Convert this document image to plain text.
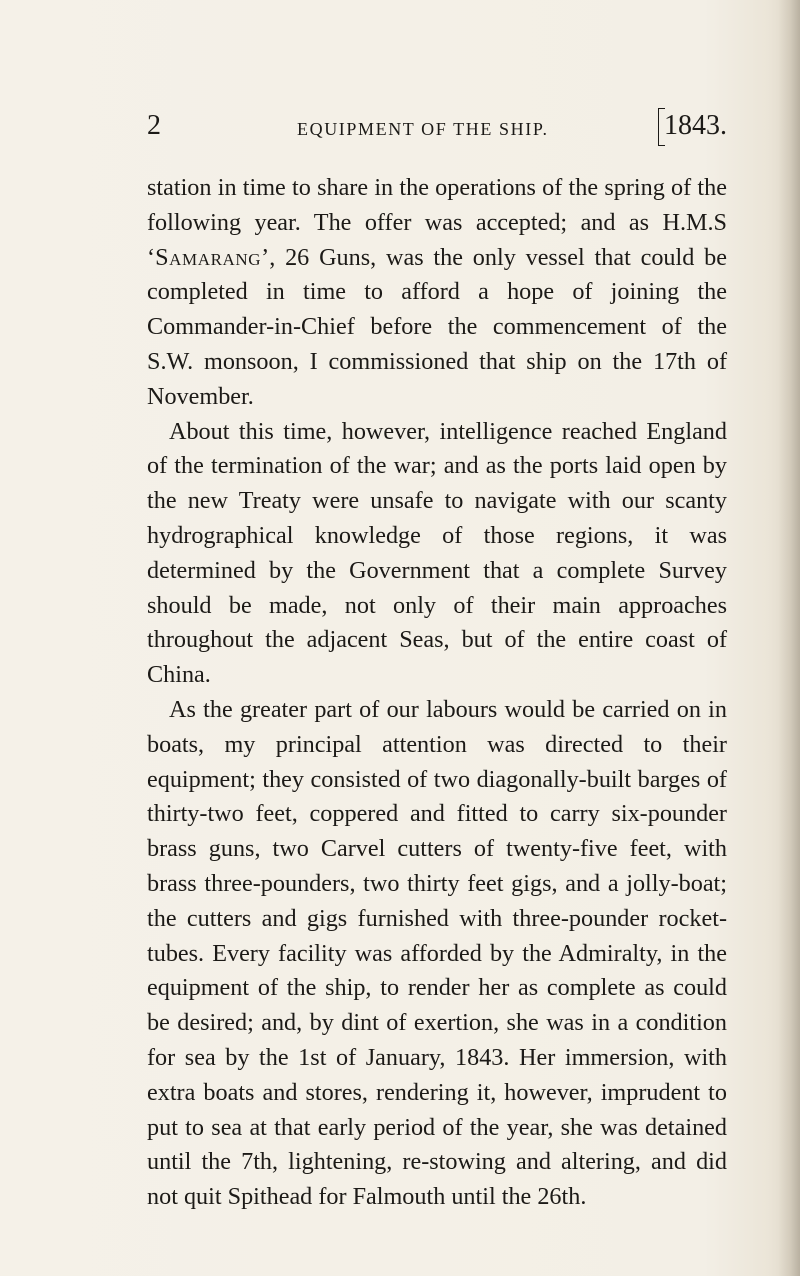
2	EQUIPMENT OF THE SHIP.	1843.

station in time to share in the operations of the spring of the following year. The offer was accepted; and as H.M.S ‘Samarang’, 26 Guns, was the only vessel that could be completed in time to afford a hope of joining the Commander-in-Chief before the commencement of the S.W. monsoon, I commissioned that ship on the 17th of November.

About this time, however, intelligence reached England of the termination of the war; and as the ports laid open by the new Treaty were unsafe to navigate with our scanty hydrographical knowledge of those regions, it was determined by the Government that a complete Survey should be made, not only of their main approaches throughout the adjacent Seas, but of the entire coast of China.

As the greater part of our labours would be carried on in boats, my principal attention was directed to their equipment; they consisted of two diagonally-built barges of thirty-two feet, coppered and fitted to carry six-pounder brass guns, two Carvel cutters of twenty-five feet, with brass three-pounders, two thirty feet gigs, and a jolly-boat; the cutters and gigs furnished with three-pounder rocket-tubes. Every facility was afforded by the Admiralty, in the equipment of the ship, to render her as complete as could be desired; and, by dint of exertion, she was in a condition for sea by the 1st of January, 1843. Her immersion, with extra boats and stores, rendering it, however, imprudent to put to sea at that early period of the year, she was detained until the 7th, lightening, re-stowing and altering, and did not quit Spithead for Falmouth until the 26th.
